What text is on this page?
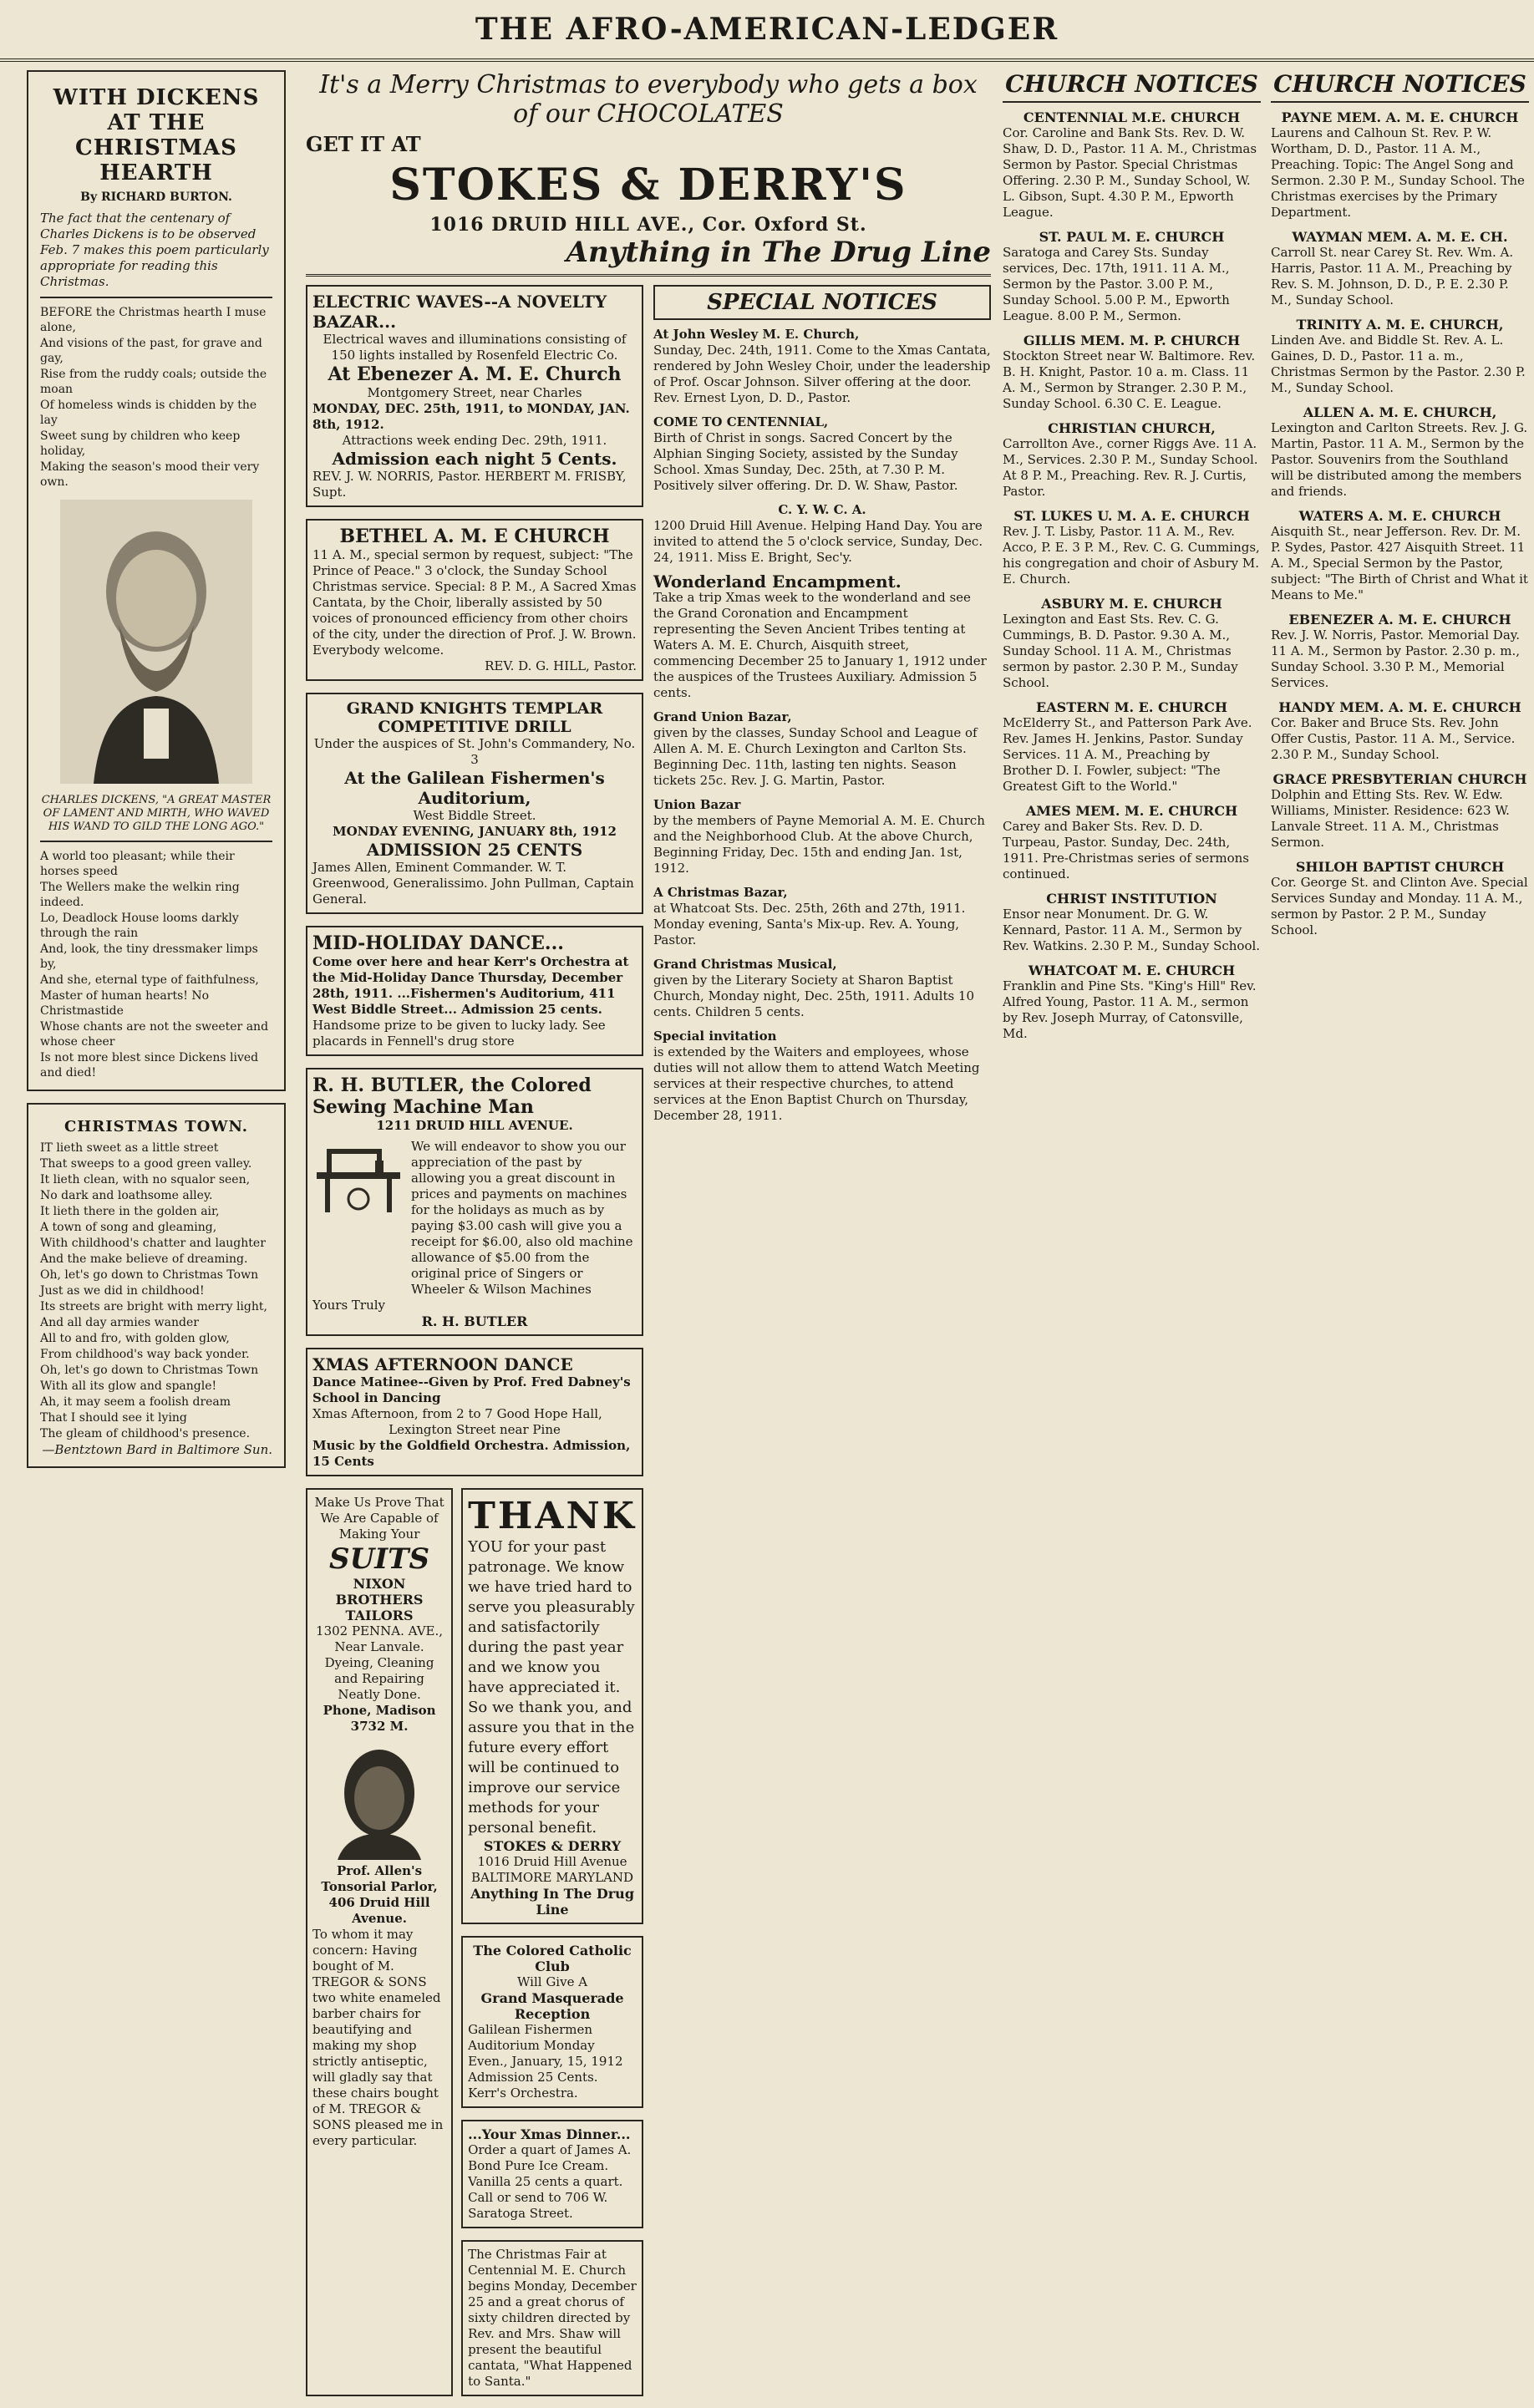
THE AFRO-AMERICAN-LEDGER
WITH DICKENS AT THE CHRISTMAS HEARTH
By RICHARD BURTON.
The fact that the centenary of Charles Dickens is to be observed Feb. 7 makes this poem particularly appropriate for reading this Christmas.
BEFORE the Christmas hearth I muse alone,
And visions of the past, for grave and gay,
Rise from the ruddy coals; outside the moan
Of homeless winds is chidden by the lay
Sweet sung by children who keep holiday,
Making the season's mood their very own.
CHARLES DICKENS, "A GREAT MASTER OF LAMENT AND MIRTH, WHO WAVED HIS WAND TO GILD THE LONG AGO."
A world too pleasant; while their horses speed
The Wellers make the welkin ring indeed.
Lo, Deadlock House looms darkly through the rain
And, look, the tiny dressmaker limps by,
And she, eternal type of faithfulness,
Master of human hearts! No Christmastide
Whose chants are not the sweeter and whose cheer
Is not more blest since Dickens lived and died!
CHRISTMAS TOWN.
IT lieth sweet as a little street
That sweeps to a good green valley.
It lieth clean, with no squalor seen,
No dark and loathsome alley.
It lieth there in the golden air,
A town of song and gleaming,
With childhood's chatter and laughter
And the make believe of dreaming.
Oh, let's go down to Christmas Town
Just as we did in childhood!
Its streets are bright with merry light,
And all day armies wander
All to and fro, with golden glow,
From childhood's way back yonder.
Oh, let's go down to Christmas Town
With all its glow and spangle!
Ah, it may seem a foolish dream
That I should see it lying
The gleam of childhood's presence.
—Bentztown Bard in Baltimore Sun.
It's a Merry Christmas to everybody who gets a box of our CHOCOLATES
GET IT AT
STOKES & DERRY'S
1016 DRUID HILL AVE., Cor. Oxford St.
Anything in The Drug Line
ELECTRIC WAVES--A NOVELTY BAZAR...
Electrical waves and illuminations consisting of 150 lights installed by Rosenfeld Electric Co.
At Ebenezer A. M. E. Church
Montgomery Street, near Charles
MONDAY, DEC. 25th, 1911, to MONDAY, JAN. 8th, 1912.
Attractions week ending Dec. 29th, 1911.
Admission each night 5 Cents.
REV. J. W. NORRIS, Pastor. HERBERT M. FRISBY, Supt.
BETHEL A. M. E CHURCH
11 A. M., special sermon by request, subject: "The Prince of Peace." 3 o'clock, the Sunday School Christmas service. Special: 8 P. M., A Sacred Xmas Cantata, by the Choir, liberally assisted by 50 voices of pronounced efficiency from other choirs of the city, under the direction of Prof. J. W. Brown. Everybody welcome.
REV. D. G. HILL, Pastor.
GRAND KNIGHTS TEMPLAR COMPETITIVE DRILL
Under the auspices of St. John's Commandery, No. 3
At the Galilean Fishermen's Auditorium,
West Biddle Street.
MONDAY EVENING, JANUARY 8th, 1912
ADMISSION 25 CENTS
James Allen, Eminent Commander. W. T. Greenwood, Generalissimo. John Pullman, Captain General.
MID-HOLIDAY DANCE...
Come over here and hear Kerr's Orchestra at the Mid-Holiday Dance Thursday, December 28th, 1911. ...Fishermen's Auditorium, 411 West Biddle Street... Admission 25 cents.
Handsome prize to be given to lucky lady. See placards in Fennell's drug store
R. H. BUTLER, the Colored Sewing Machine Man
1211 DRUID HILL AVENUE.
We will endeavor to show you our appreciation of the past by allowing you a great discount in prices and payments on machines for the holidays as much as by paying $3.00 cash will give you a receipt for $6.00, also old machine allowance of $5.00 from the original price of Singers or Wheeler & Wilson Machines
Yours Truly
R. H. BUTLER
XMAS AFTERNOON DANCE
Dance Matinee--Given by Prof. Fred Dabney's School in Dancing
Xmas Afternoon, from 2 to 7 Good Hope Hall,
Lexington Street near Pine
Music by the Goldfield Orchestra. Admission, 15 Cents
Make Us Prove That We Are Capable of Making Your
SUITS
NIXON BROTHERS
TAILORS
1302 PENNA. AVE., Near Lanvale.
Dyeing, Cleaning and Repairing Neatly Done.
Phone, Madison 3732 M.
Prof. Allen's Tonsorial Parlor, 406 Druid Hill Avenue.
To whom it may concern: Having bought of M. TREGOR & SONS two white enameled barber chairs for beautifying and making my shop strictly antiseptic, will gladly say that these chairs bought of M. TREGOR & SONS pleased me in every particular.
THANK
YOU for your past patronage. We know we have tried hard to serve you pleasurably and satisfactorily during the past year and we know you have appreciated it. So we thank you, and assure you that in the future every effort will be continued to improve our service methods for your personal benefit.
STOKES & DERRY
1016 Druid Hill Avenue
BALTIMORE MARYLAND
Anything In The Drug Line
The Colored Catholic Club
Will Give A
Grand Masquerade Reception
Galilean Fishermen Auditorium Monday Even., January, 15, 1912 Admission 25 Cents. Kerr's Orchestra.
...Your Xmas Dinner...
Order a quart of James A. Bond Pure Ice Cream. Vanilla 25 cents a quart. Call or send to 706 W. Saratoga Street.
The Christmas Fair at Centennial M. E. Church begins Monday, December 25 and a great chorus of sixty children directed by Rev. and Mrs. Shaw will present the beautiful cantata, "What Happened to Santa."
SPECIAL NOTICES
At John Wesley M. E. Church,
Sunday, Dec. 24th, 1911. Come to the Xmas Cantata, rendered by John Wesley Choir, under the leadership of Prof. Oscar Johnson. Silver offering at the door. Rev. Ernest Lyon, D. D., Pastor.
COME TO CENTENNIAL,
Birth of Christ in songs. Sacred Concert by the Alphian Singing Society, assisted by the Sunday School. Xmas Sunday, Dec. 25th, at 7.30 P. M. Positively silver offering. Dr. D. W. Shaw, Pastor.
C. Y. W. C. A.
1200 Druid Hill Avenue. Helping Hand Day. You are invited to attend the 5 o'clock service, Sunday, Dec. 24, 1911. Miss E. Bright, Sec'y.
Wonderland Encampment.
Take a trip Xmas week to the wonderland and see the Grand Coronation and Encampment representing the Seven Ancient Tribes tenting at Waters A. M. E. Church, Aisquith street, commencing December 25 to January 1, 1912 under the auspices of the Trustees Auxiliary. Admission 5 cents.
Grand Union Bazar,
given by the classes, Sunday School and League of Allen A. M. E. Church Lexington and Carlton Sts. Beginning Dec. 11th, lasting ten nights. Season tickets 25c. Rev. J. G. Martin, Pastor.
Union Bazar
by the members of Payne Memorial A. M. E. Church and the Neighborhood Club. At the above Church, Beginning Friday, Dec. 15th and ending Jan. 1st, 1912.
A Christmas Bazar,
at Whatcoat Sts. Dec. 25th, 26th and 27th, 1911. Monday evening, Santa's Mix-up. Rev. A. Young, Pastor.
Grand Christmas Musical,
given by the Literary Society at Sharon Baptist Church, Monday night, Dec. 25th, 1911. Adults 10 cents. Children 5 cents.
Special invitation
is extended by the Waiters and employees, whose duties will not allow them to attend Watch Meeting services at their respective churches, to attend services at the Enon Baptist Church on Thursday, December 28, 1911.
CHURCH NOTICES
CENTENNIAL M.E. CHURCH
Cor. Caroline and Bank Sts. Rev. D. W. Shaw, D. D., Pastor. 11 A. M., Christmas Sermon by Pastor. Special Christmas Offering. 2.30 P. M., Sunday School, W. L. Gibson, Supt. 4.30 P. M., Epworth League.
ST. PAUL M. E. CHURCH
Saratoga and Carey Sts. Sunday services, Dec. 17th, 1911. 11 A. M., Sermon by the Pastor. 3.00 P. M., Sunday School. 5.00 P. M., Epworth League. 8.00 P. M., Sermon.
GILLIS MEM. M. P. CHURCH
Stockton Street near W. Baltimore. Rev. B. H. Knight, Pastor. 10 a. m. Class. 11 A. M., Sermon by Stranger. 2.30 P. M., Sunday School. 6.30 C. E. League.
CHRISTIAN CHURCH,
Carrollton Ave., corner Riggs Ave. 11 A. M., Services. 2.30 P. M., Sunday School. At 8 P. M., Preaching. Rev. R. J. Curtis, Pastor.
ST. LUKES U. M. A. E. CHURCH
Rev. J. T. Lisby, Pastor. 11 A. M., Rev. Acco, P. E. 3 P. M., Rev. C. G. Cummings, his congregation and choir of Asbury M. E. Church.
ASBURY M. E. CHURCH
Lexington and East Sts. Rev. C. G. Cummings, B. D. Pastor. 9.30 A. M., Sunday School. 11 A. M., Christmas sermon by pastor. 2.30 P. M., Sunday School.
EASTERN M. E. CHURCH
McElderry St., and Patterson Park Ave. Rev. James H. Jenkins, Pastor. Sunday Services. 11 A. M., Preaching by Brother D. I. Fowler, subject: "The Greatest Gift to the World."
AMES MEM. M. E. CHURCH
Carey and Baker Sts. Rev. D. D. Turpeau, Pastor. Sunday, Dec. 24th, 1911. Pre-Christmas series of sermons continued.
CHRIST INSTITUTION
Ensor near Monument. Dr. G. W. Kennard, Pastor. 11 A. M., Sermon by Rev. Watkins. 2.30 P. M., Sunday School.
WHATCOAT M. E. CHURCH
Franklin and Pine Sts. "King's Hill" Rev. Alfred Young, Pastor. 11 A. M., sermon by Rev. Joseph Murray, of Catonsville, Md.
CHURCH NOTICES
PAYNE MEM. A. M. E. CHURCH
Laurens and Calhoun St. Rev. P. W. Wortham, D. D., Pastor. 11 A. M., Preaching. Topic: The Angel Song and Sermon. 2.30 P. M., Sunday School. The Christmas exercises by the Primary Department.
WAYMAN MEM. A. M. E. CH.
Carroll St. near Carey St. Rev. Wm. A. Harris, Pastor. 11 A. M., Preaching by Rev. S. M. Johnson, D. D., P. E. 2.30 P. M., Sunday School.
TRINITY A. M. E. CHURCH,
Linden Ave. and Biddle St. Rev. A. L. Gaines, D. D., Pastor. 11 a. m., Christmas Sermon by the Pastor. 2.30 P. M., Sunday School.
ALLEN A. M. E. CHURCH,
Lexington and Carlton Streets. Rev. J. G. Martin, Pastor. 11 A. M., Sermon by the Pastor. Souvenirs from the Southland will be distributed among the members and friends.
WATERS A. M. E. CHURCH
Aisquith St., near Jefferson. Rev. Dr. M. P. Sydes, Pastor. 427 Aisquith Street. 11 A. M., Special Sermon by the Pastor, subject: "The Birth of Christ and What it Means to Me."
EBENEZER A. M. E. CHURCH
Rev. J. W. Norris, Pastor. Memorial Day. 11 A. M., Sermon by Pastor. 2.30 p. m., Sunday School. 3.30 P. M., Memorial Services.
HANDY MEM. A. M. E. CHURCH
Cor. Baker and Bruce Sts. Rev. John Offer Custis, Pastor. 11 A. M., Service. 2.30 P. M., Sunday School.
GRACE PRESBYTERIAN CHURCH
Dolphin and Etting Sts. Rev. W. Edw. Williams, Minister. Residence: 623 W. Lanvale Street. 11 A. M., Christmas Sermon.
SHILOH BAPTIST CHURCH
Cor. George St. and Clinton Ave. Special Services Sunday and Monday. 11 A. M., sermon by Pastor. 2 P. M., Sunday School.
